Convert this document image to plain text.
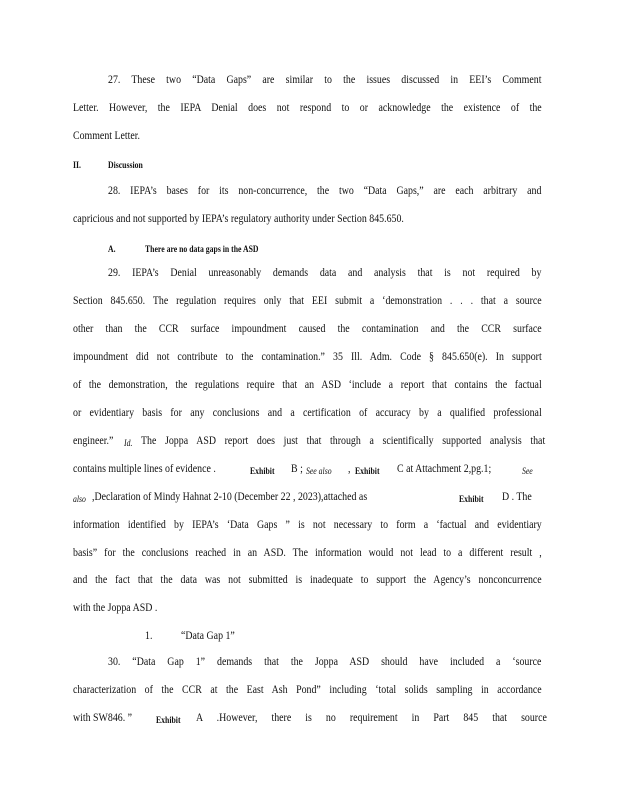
27. These two “Data Gaps” are similar to the issues discussed in EEI’s Comment
Letter. However, the IEPA Denial does not respond to or acknowledge the existence of the
Comment Letter.
II.	Discussion
28. IEPA’s bases for its non-concurrence, the two “Data Gaps,” are each arbitrary and
capricious and not supported by IEPA’s regulatory authority under Section 845.650.
A.	There are no data gaps in the ASD
29. IEPA’s Denial unreasonably demands data and analysis that is not required by
Section 845.650. The regulation requires only that EEI submit a ‘demonstration . . . that a source
other than the CCR surface impoundment caused the contamination and the CCR surface
impoundment did not contribute to the contamination.” 35 Ill. Adm. Code § 845.650(e). In support
of the demonstration, the regulations require that an ASD ‘include a report that contains the factual
or evidentiary basis for any conclusions and a certification of accuracy by a qualified professional
engineer.”	Id. The Joppa ASD report does just that through a scientifically supported analysis that
contains multiple lines of evidence .	Exhibit	B ; See also	, Exhibit	C at Attachment 2,pg.1;	See
also ,Declaration of Mindy Hahnat 2-10 (December 22 , 2023),attached as	Exhibit	D . The
information identified by IEPA’s ‘Data Gaps ” is not necessary to form a ‘factual and evidentiary
basis” for the conclusions reached in an ASD. The information would not lead to a different result ,
and the fact that the data was not submitted is inadequate to support the Agency’s nonconcurrence
with the Joppa ASD .
1.	“Data Gap 1”
30. “Data Gap 1” demands that the Joppa ASD should have included a ‘source
characterization of the CCR at the East Ash Pond” including ‘total solids sampling in accordance
with SW846. ”	Exhibit	A .However, there is no requirement in Part 845 that source
